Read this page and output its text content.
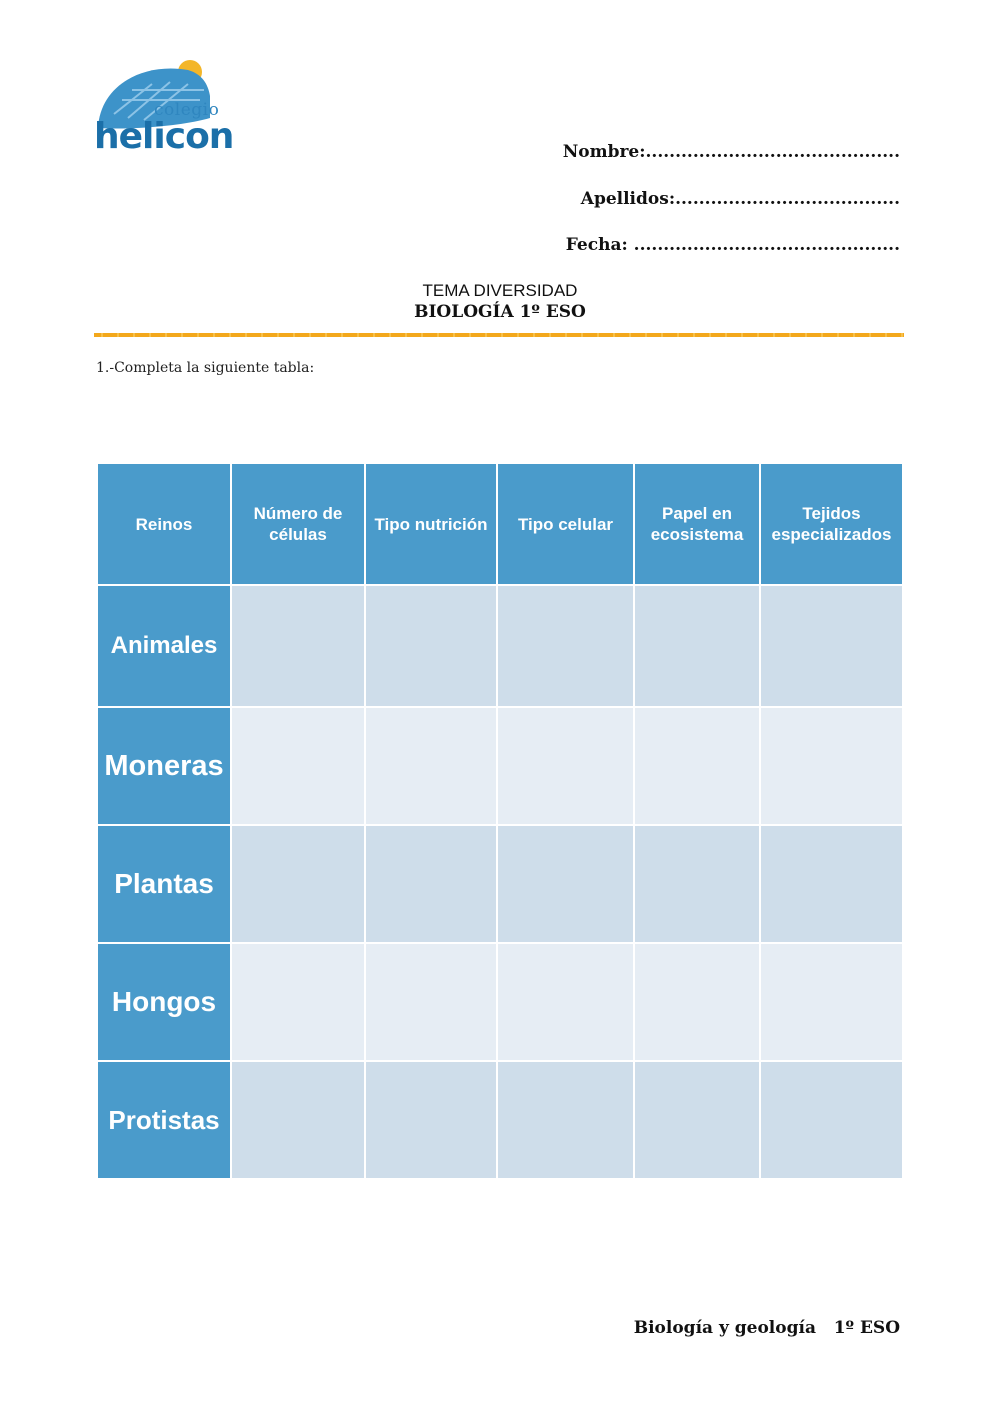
colegio
helicon	Nombre:...........................................
Apellidos:......................................
Fecha: .............................................
TEMA DIVERSIDAD
BIOLOGÍA 1º ESO
1.-Completa la siguiente tabla:
Reinos	Número de células	Tipo nutrición	Tipo celular	Papel en ecosistema	Tejidos especializados
Animales					
Moneras					
Plantas					
Hongos					
Protistas					
Biología y geología   1º ESO
